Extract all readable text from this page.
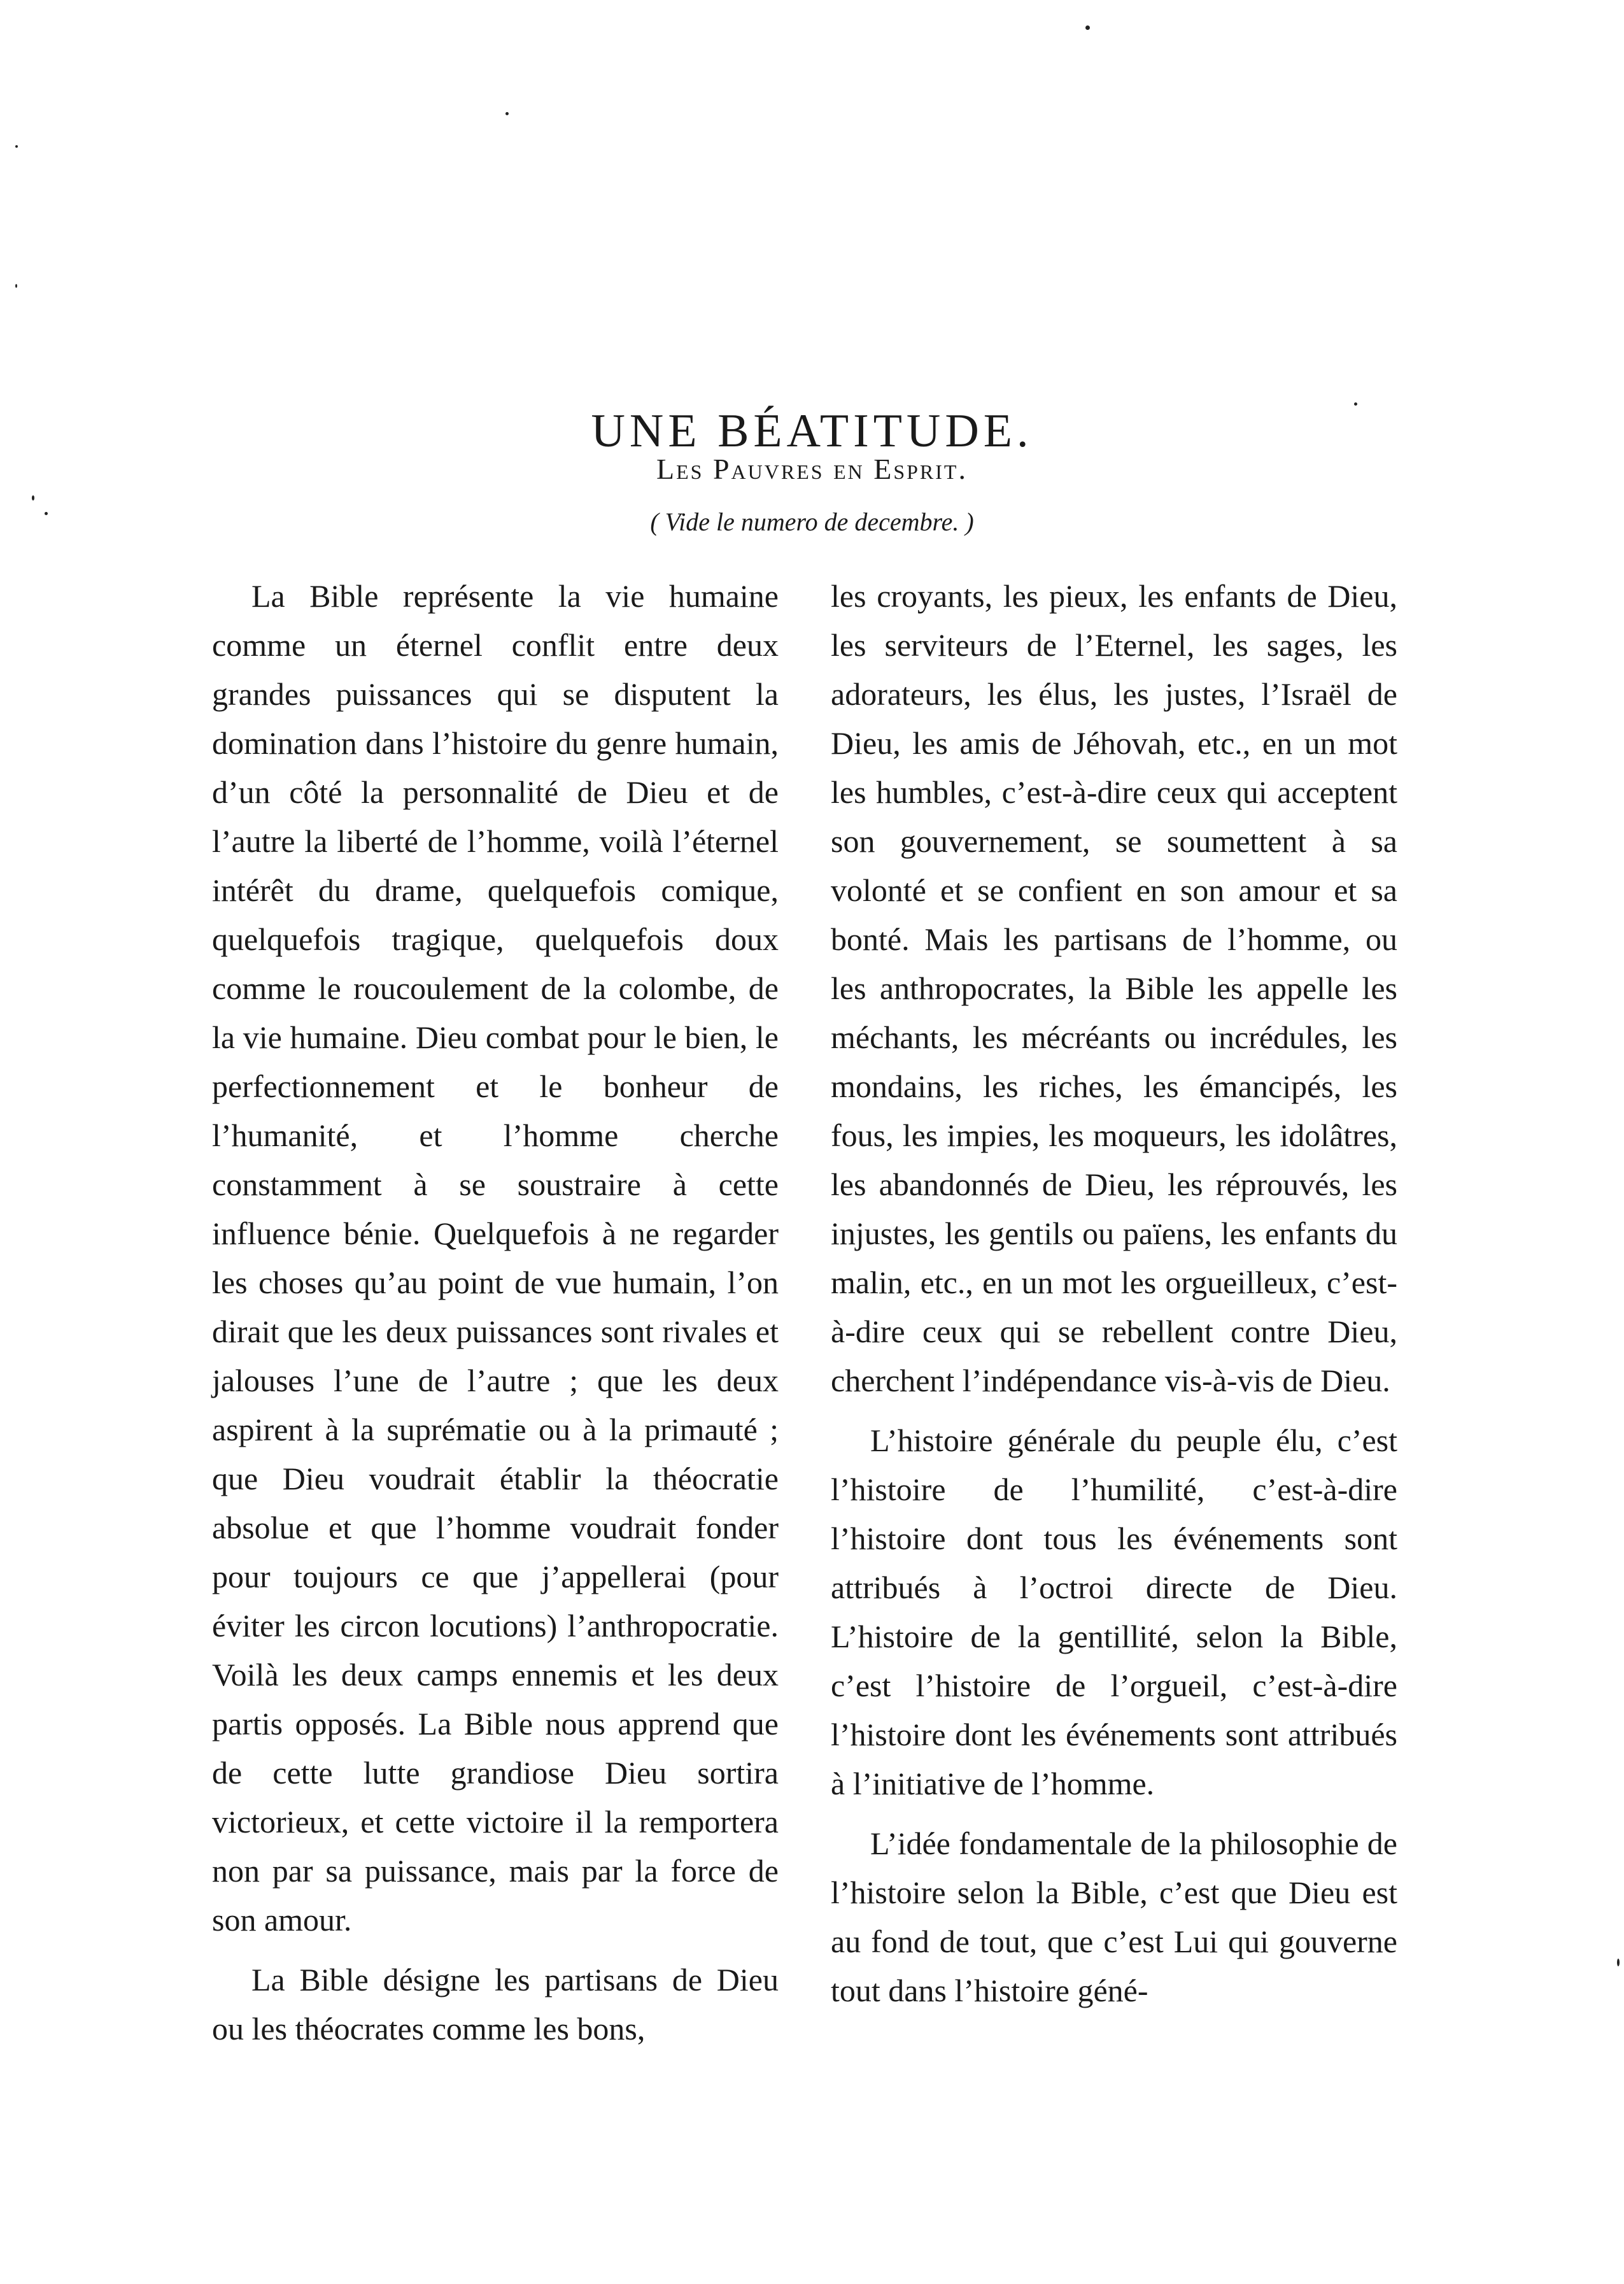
UNE BÉATITUDE.
Les Pauvres en Esprit.
( Vide le numero de decembre. )

La Bible représente la vie humaine comme un éternel conflit entre deux grandes puissances qui se disputent la domination dans l’histoire du genre humain, d’un côté la personnalité de Dieu et de l’autre la liberté de l’homme, voilà l’éternel intérêt du drame, quelquefois comique, quelquefois tragique, quelquefois doux comme le roucoulement de la colombe, de la vie humaine. Dieu combat pour le bien, le perfectionnement et le bonheur de l’humanité, et l’homme cherche constamment à se soustraire à cette influence bénie. Quelquefois à ne regarder les choses qu’au point de vue humain, l’on dirait que les deux puissances sont rivales et jalouses l’une de l’autre ; que les deux aspirent à la suprématie ou à la primauté ; que Dieu voudrait établir la théocratie absolue et que l’homme voudrait fonder pour toujours ce que j’appellerai (pour éviter les circon locutions) l’anthropocratie. Voilà les deux camps ennemis et les deux partis opposés. La Bible nous apprend que de cette lutte grandiose Dieu sortira victorieux, et cette victoire il la remportera non par sa puissance, mais par la force de son amour.

La Bible désigne les partisans de Dieu ou les théocrates comme les bons,

les croyants, les pieux, les enfants de Dieu, les serviteurs de l’Eternel, les sages, les adorateurs, les élus, les justes, l’Israël de Dieu, les amis de Jéhovah, etc., en un mot les humbles, c’est-à-dire ceux qui acceptent son gouvernement, se soumettent à sa volonté et se confient en son amour et sa bonté. Mais les partisans de l’homme, ou les anthropocrates, la Bible les appelle les méchants, les mécréants ou incrédules, les mondains, les riches, les émancipés, les fous, les impies, les moqueurs, les idolâtres, les abandonnés de Dieu, les réprouvés, les injustes, les gentils ou païens, les enfants du malin, etc., en un mot les orgueilleux, c’est-à-dire ceux qui se rebellent contre Dieu, cherchent l’indépendance vis-à-vis de Dieu.

L’histoire générale du peuple élu, c’est l’histoire de l’humilité, c’est-à-dire l’histoire dont tous les événements sont attribués à l’octroi directe de Dieu. L’histoire de la gentillité, selon la Bible, c’est l’histoire de l’orgueil, c’est-à-dire l’histoire dont les événements sont attribués à l’initiative de l’homme.

L’idée fondamentale de la philosophie de l’histoire selon la Bible, c’est que Dieu est au fond de tout, que c’est Lui qui gouverne tout dans l’histoire géné-
